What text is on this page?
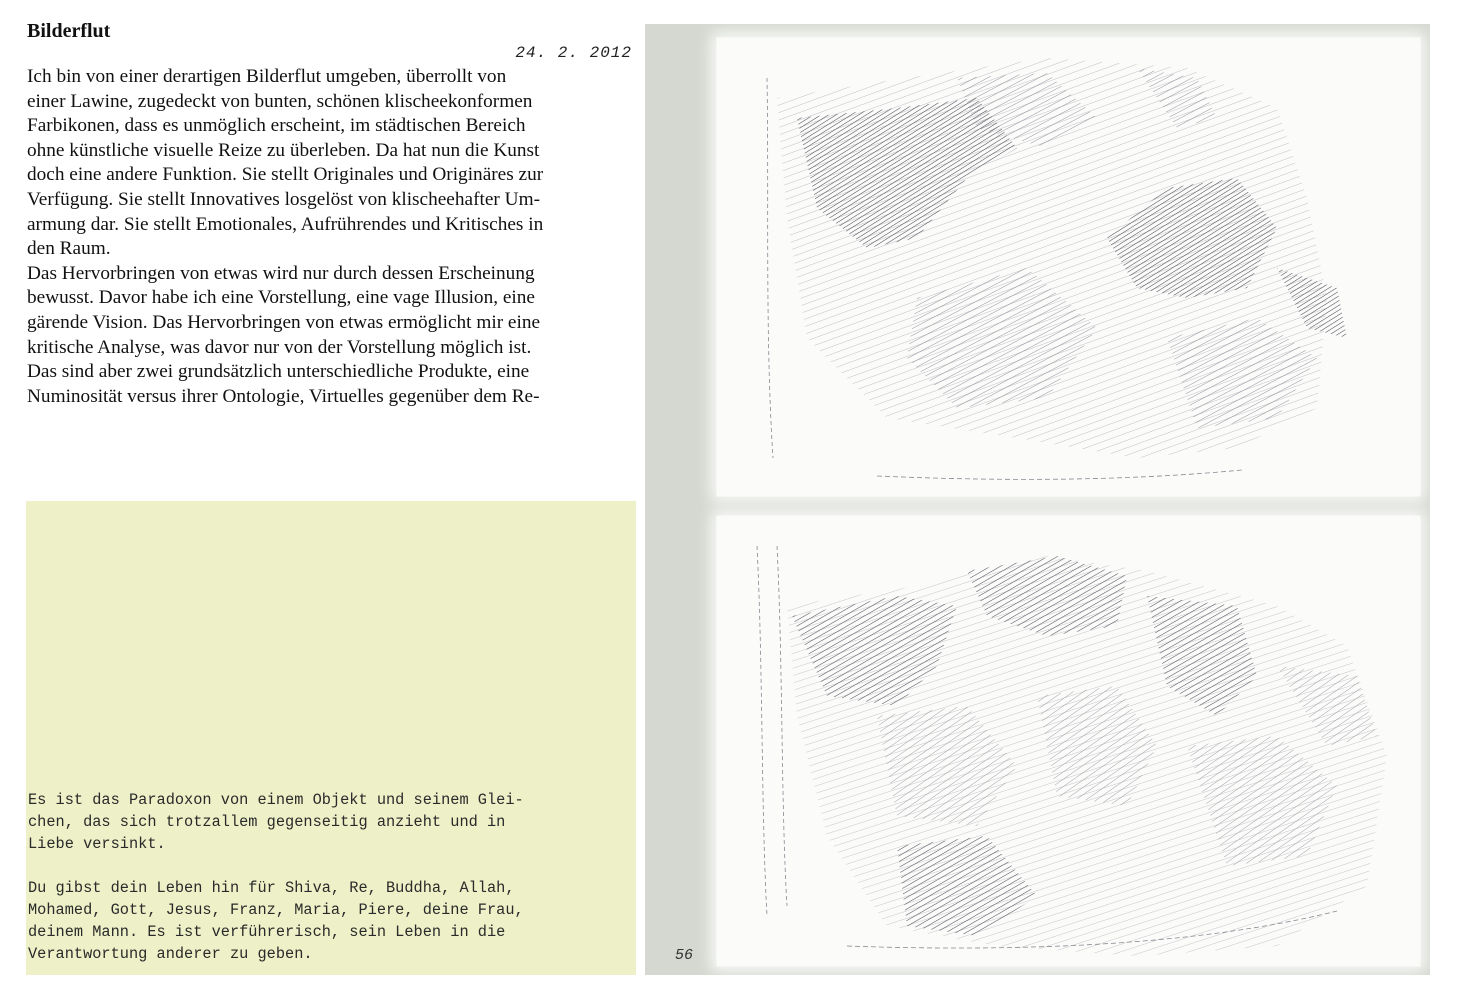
Bilderflut
24. 2. 2012
Ich bin von einer derartigen Bilderflut umgeben, überrollt von
einer Lawine, zugedeckt von bunten, schönen klischeekonformen
Farbikonen, dass es unmöglich erscheint, im städtischen Bereich
ohne künstliche visuelle Reize zu überleben. Da hat nun die Kunst
doch eine andere Funktion. Sie stellt Originales und Originäres zur
Verfügung. Sie stellt Innovatives losgelöst von klischeehafter Um-
armung dar. Sie stellt Emotionales, Aufrührendes und Kritisches in
den Raum.
Das Hervorbringen von etwas wird nur durch dessen Erscheinung
bewusst. Davor habe ich eine Vorstellung, eine vage Illusion, eine
gärende Vision. Das Hervorbringen von etwas ermöglicht mir eine
kritische Analyse, was davor nur von der Vorstellung möglich ist.
Das sind aber zwei grundsätzlich unterschiedliche Produkte, eine
Numinosität versus ihrer Ontologie, Virtuelles gegenüber dem Re-
Es ist das Paradoxon von einem Objekt und seinem Glei-
chen, das sich trotzallem gegenseitig anzieht und in
Liebe versinkt.
Du gibst dein Leben hin für Shiva, Re, Buddha, Allah,
Mohamed, Gott, Jesus, Franz, Maria, Piere, deine Frau,
deinem Mann. Es ist verführerisch, sein Leben in die
Verantwortung anderer zu geben.	56
